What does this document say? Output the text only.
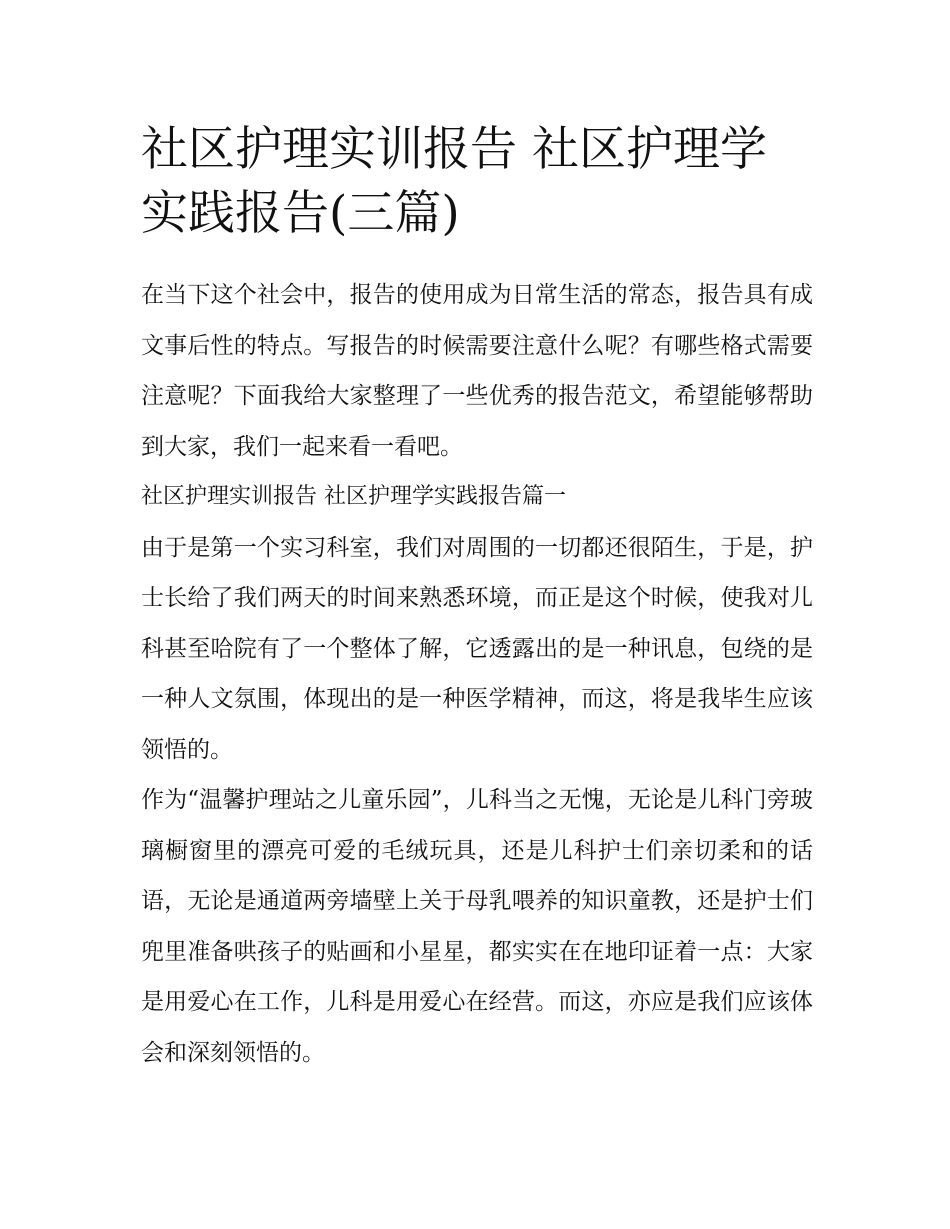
社区护理实训报告 社区护理学实践报告(三篇)

在当下这个社会中，报告的使用成为日常生活的常态，报告具有成文事后性的特点。写报告的时候需要注意什么呢？有哪些格式需要注意呢？下面我给大家整理了一些优秀的报告范文，希望能够帮助到大家，我们一起来看一看吧。

社区护理实训报告 社区护理学实践报告篇一

由于是第一个实习科室，我们对周围的一切都还很陌生，于是，护士长给了我们两天的时间来熟悉环境，而正是这个时候，使我对儿科甚至哈院有了一个整体了解，它透露出的是一种讯息，包绕的是一种人文氛围，体现出的是一种医学精神，而这，将是我毕生应该领悟的。

作为“温馨护理站之儿童乐园”，儿科当之无愧，无论是儿科门旁玻璃橱窗里的漂亮可爱的毛绒玩具，还是儿科护士们亲切柔和的话语，无论是通道两旁墙壁上关于母乳喂养的知识童教，还是护士们兜里准备哄孩子的贴画和小星星，都实实在在地印证着一点：大家是用爱心在工作，儿科是用爱心在经营。而这，亦应是我们应该体会和深刻领悟的。
